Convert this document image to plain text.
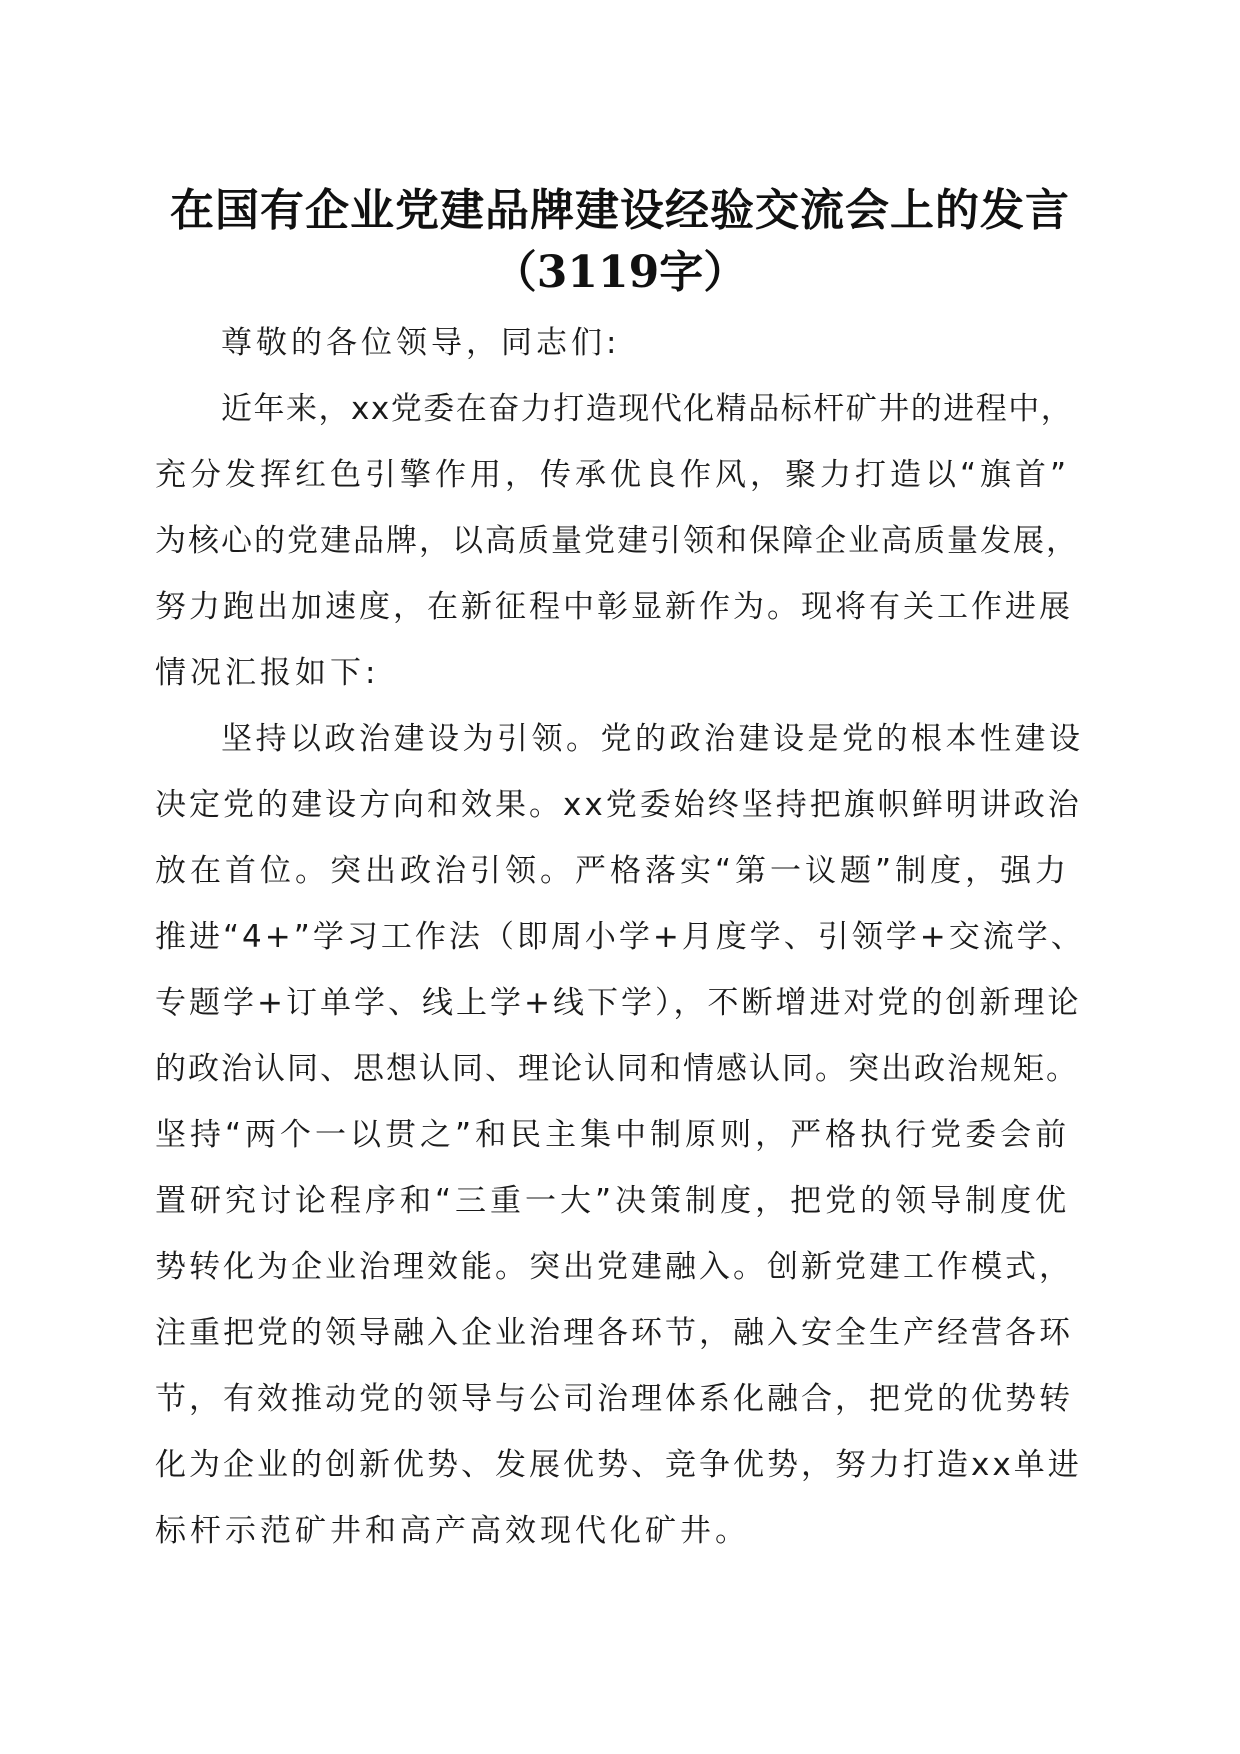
在国有企业党建品牌建设经验交流会上的发言
（3119字）
尊敬的各位领导，同志们:
近年来，xx党委在奋力打造现代化精品标杆矿井的进程中，
充分发挥红色引擎作用，传承优良作风，聚力打造以“旗首”
为核心的党建品牌，以高质量党建引领和保障企业高质量发展，
努力跑出加速度，在新征程中彰显新作为。现将有关工作进展
情况汇报如下:
坚持以政治建设为引领。党的政治建设是党的根本性建设
决定党的建设方向和效果。xx党委始终坚持把旗帜鲜明讲政治
放在首位。突出政治引领。严格落实“第一议题”制度，强力
推进“4+”学习工作法（即周小学+月度学、引领学+交流学、
专题学+订单学、线上学+线下学），不断增进对党的创新理论
的政治认同、思想认同、理论认同和情感认同。突出政治规矩。
坚持“两个一以贯之”和民主集中制原则，严格执行党委会前
置研究讨论程序和“三重一大”决策制度，把党的领导制度优
势转化为企业治理效能。突出党建融入。创新党建工作模式，
注重把党的领导融入企业治理各环节，融入安全生产经营各环
节，有效推动党的领导与公司治理体系化融合，把党的优势转
化为企业的创新优势、发展优势、竞争优势，努力打造xx单进
标杆示范矿井和高产高效现代化矿井。
